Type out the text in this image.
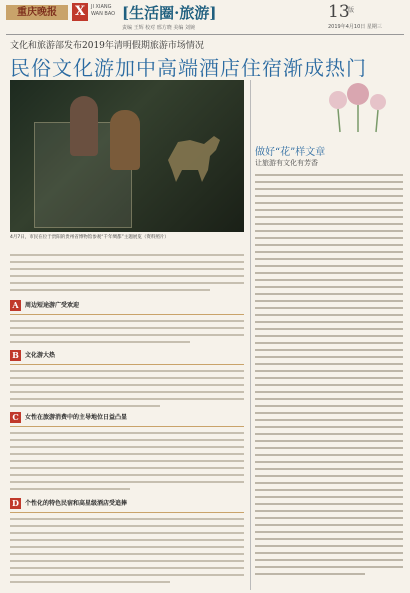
重庆晚报	X	JI XIANG
WAN BAO [生活圈·旅游]	13
版
责编 王辉 校对 邢方晓 美编 刘婉	2019年4月10日 星期三
文化和旅游部发布2019年清明假期旅游市场情况
民俗文化游加中高端酒店住宿渐成热门
4月7日，市民在位于贵阳的贵州省博物馆参观“千年绸都”主题展览（资料照片）
做好“花”样文章
让旅游有文化有芳香
A 周边短途游广受欢迎
B 文化游大热
C 女性在旅游消费中的主导地位日益凸显
D 个性化的特色民宿和高星级酒店受追捧
